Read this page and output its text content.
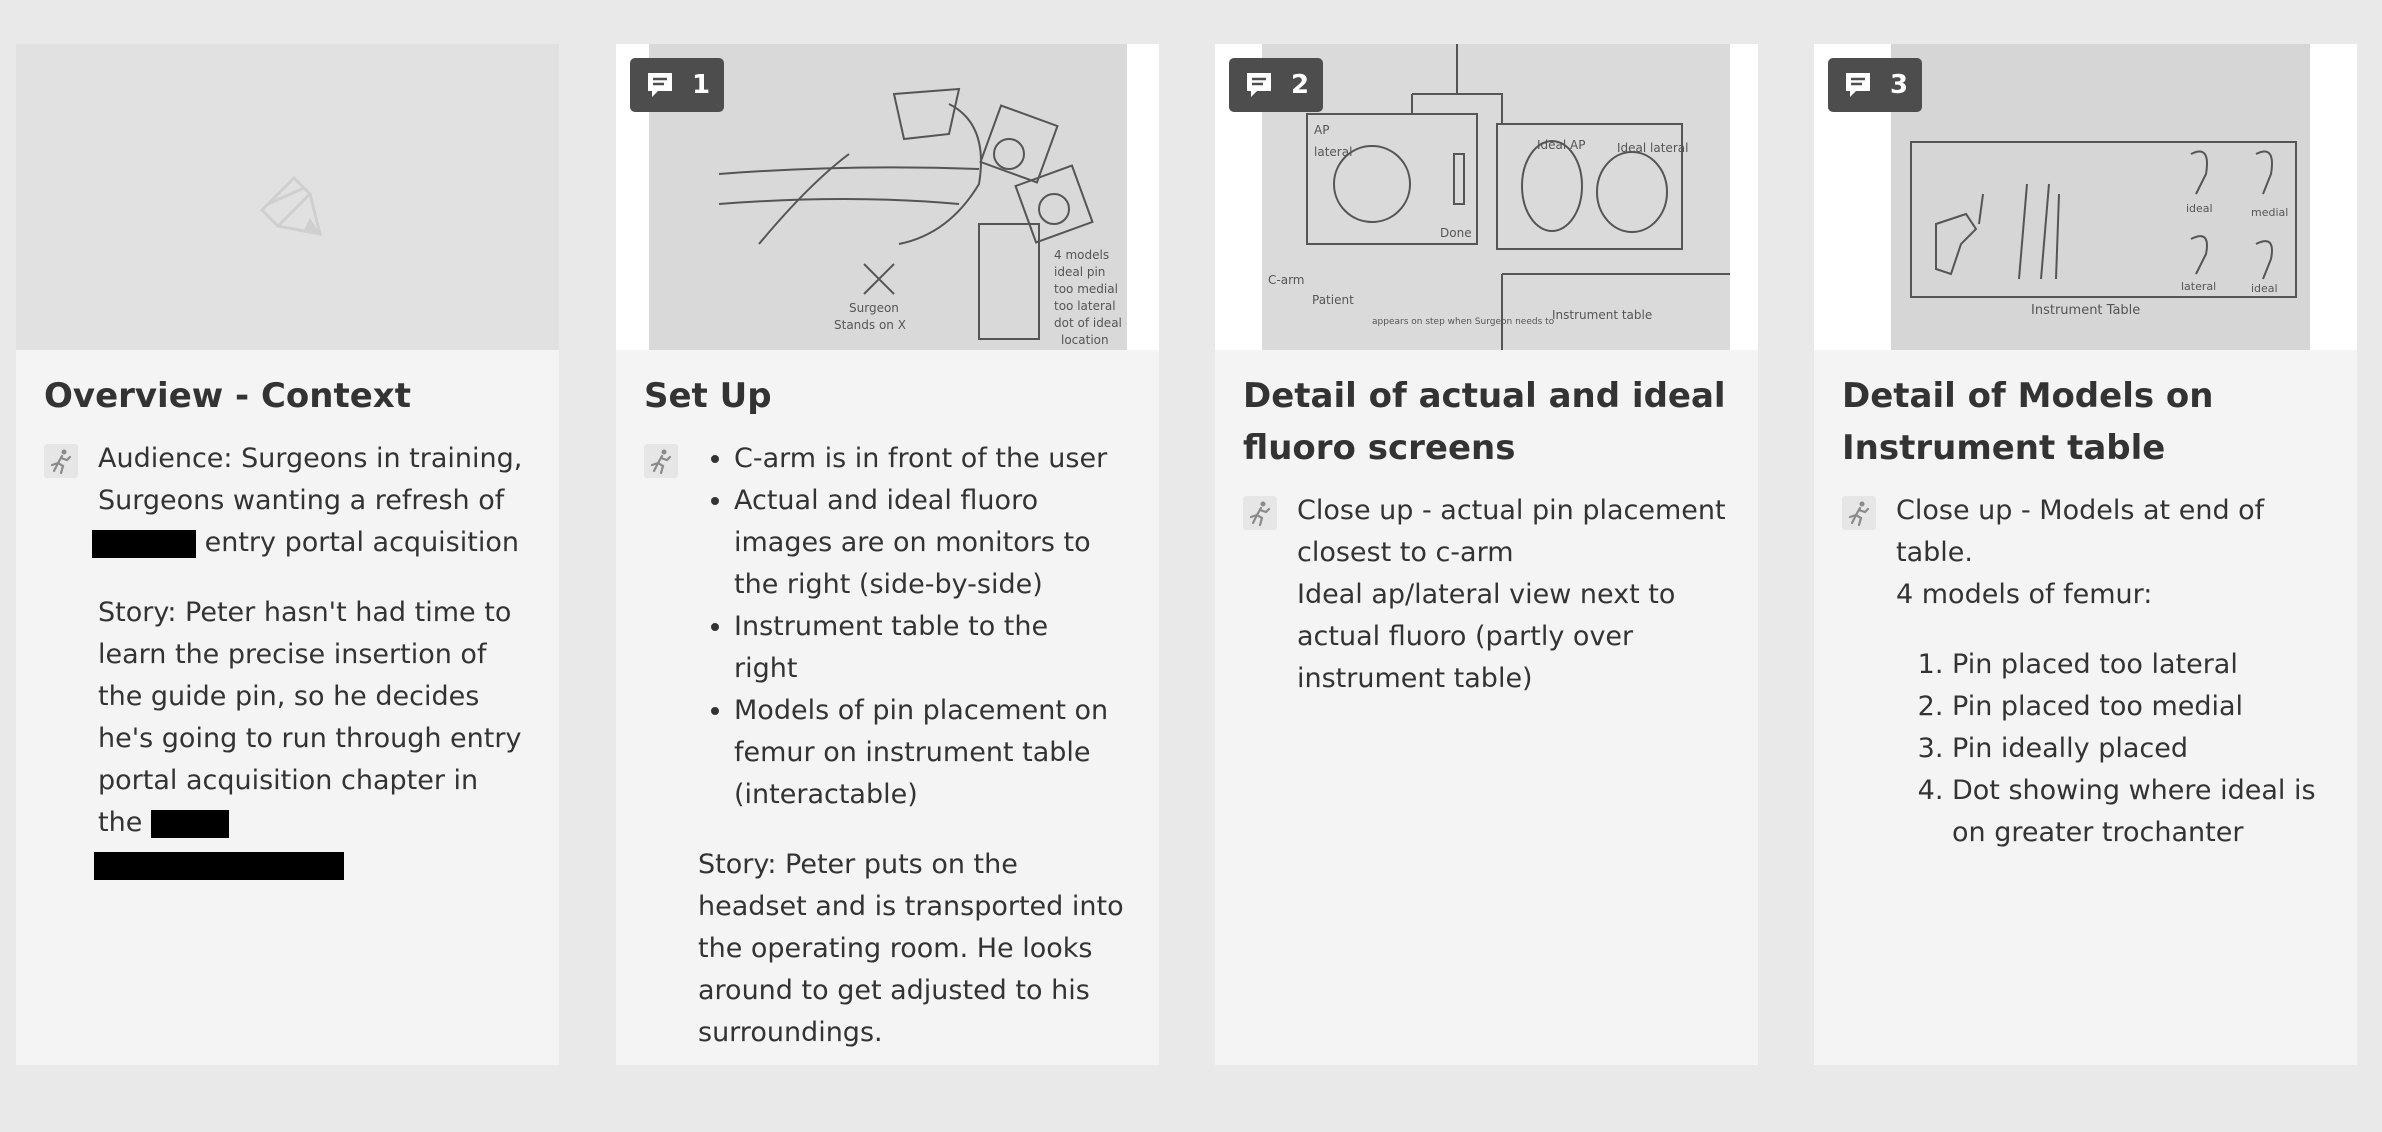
Overview - Context

Audience: Surgeons in training,

Surgeons wanting a refresh of

entry portal acquisition

Story: Peter hasn't had time to learn the precise insertion of the guide pin, so he decides he's going to run through entry portal acquisition chapter in the

Surgeon
Stands on X
4 models
ideal pin
too medial
too lateral
dot of ideal
location
1
Set Up
• C-arm is in front of the user
• Actual and ideal fluoro images are on monitors to the right (side-by-side)
• Instrument table to the right
• Models of pin placement on femur on instrument table (interactable)

Story: Peter puts on the headset and is transported into the operating room. He looks around to get adjusted to his surroundings.

AP
lateral
Done
Ideal AP	Ideal lateral
C-arm
Patient
appears on step when Surgeon needs to
Instrument table
2
Detail of actual and ideal fluoro screens

Close up - actual pin placement closest to c-arm

Ideal ap/lateral view next to actual fluoro (partly over instrument table)

ideal	medial
lateral	ideal
Instrument Table
3
Detail of Models on Instrument table

Close up - Models at end of table.

4 models of femur:

1. Pin placed too lateral
2. Pin placed too medial
3. Pin ideally placed
4. Dot showing where ideal is on greater trochanter
